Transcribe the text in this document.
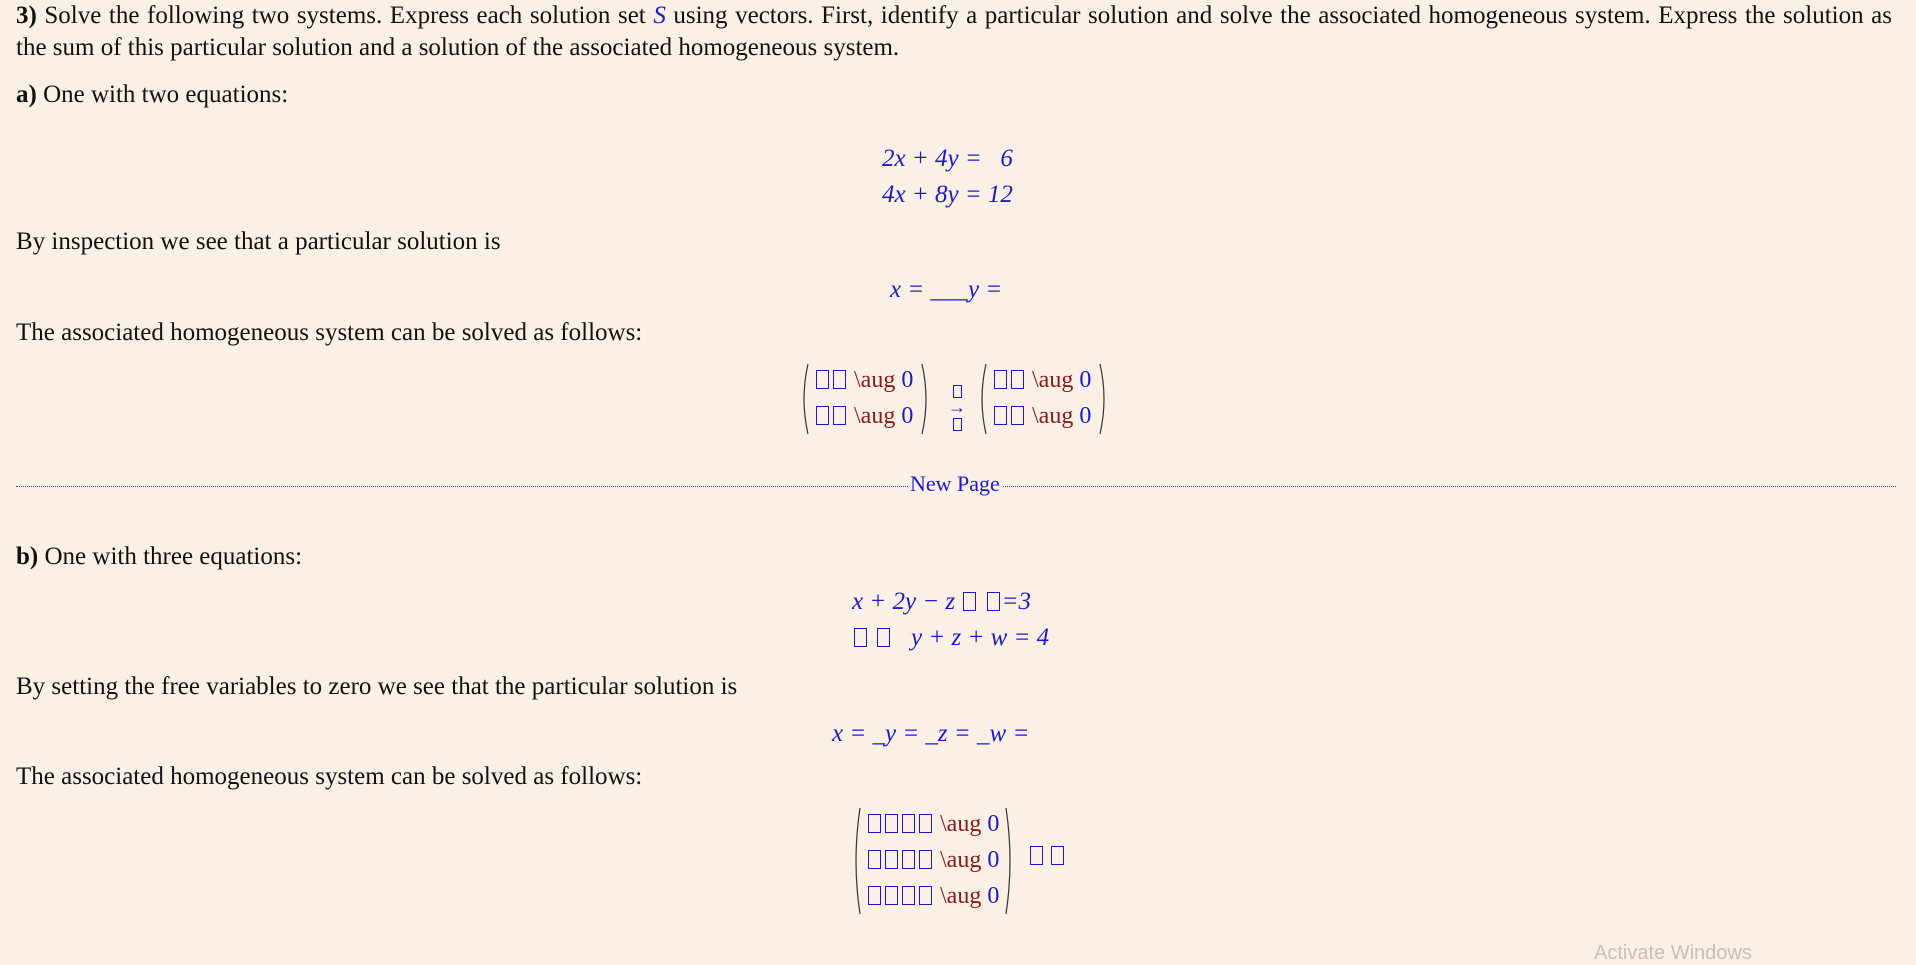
3) Solve the following two systems. Express each solution set S using vectors. First, identify a particular solution and solve the associated homogeneous system. Express the solution as the sum of this particular solution and a solution of the associated homogeneous system.

a) One with two equations:

2x + 4y =   6
4x + 8y = 12

By inspection we see that a particular solution is

x = ___y =

The associated homogeneous system can be solved as follows:

\aug 0
\aug 0 →
\aug 0
\aug 0
New Page

b) One with three equations:

x + 2y − z =3
y + z + w = 4

By setting the free variables to zero we see that the particular solution is

x = _y = _z = _w =

The associated homogeneous system can be solved as follows:

\aug 0
\aug 0
\aug 0

Activate Windows
